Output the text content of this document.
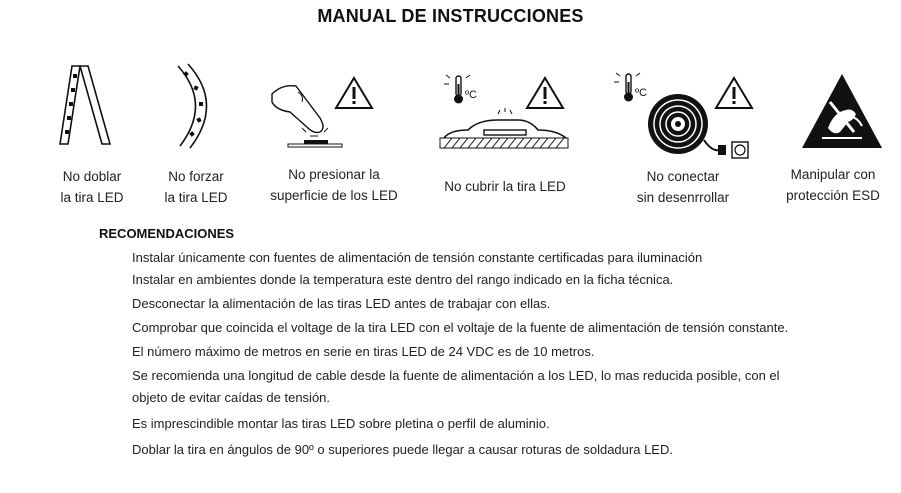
MANUAL DE INSTRUCCIONES
ºC	ºC
No doblar
la tira LED
No forzar
la tira LED
No presionar la
superficie de los LED
No cubrir la tira LED
No conectar
sin desenrrollar
Manipular con
protección ESD
RECOMENDACIONES
Instalar únicamente con fuentes de alimentación de tensión constante certificadas para iluminación
Instalar en ambientes donde la temperatura este dentro del rango indicado en la ficha técnica.
Desconectar la alimentación de las tiras LED antes de trabajar con ellas.
Comprobar que coincida el voltage de la tira LED con el voltaje de la fuente de alimentación de tensión constante.
El número máximo de metros en serie en tiras LED de 24 VDC es de 10 metros.
Se recomienda una longitud de cable desde la fuente de alimentación a los LED, lo mas reducida posible, con el
objeto de evitar caídas de tensión.
Es imprescindible montar las tiras LED sobre pletina o perfil de aluminio.
Doblar la tira en ángulos de 90º o superiores puede llegar a causar roturas de soldadura LED.
